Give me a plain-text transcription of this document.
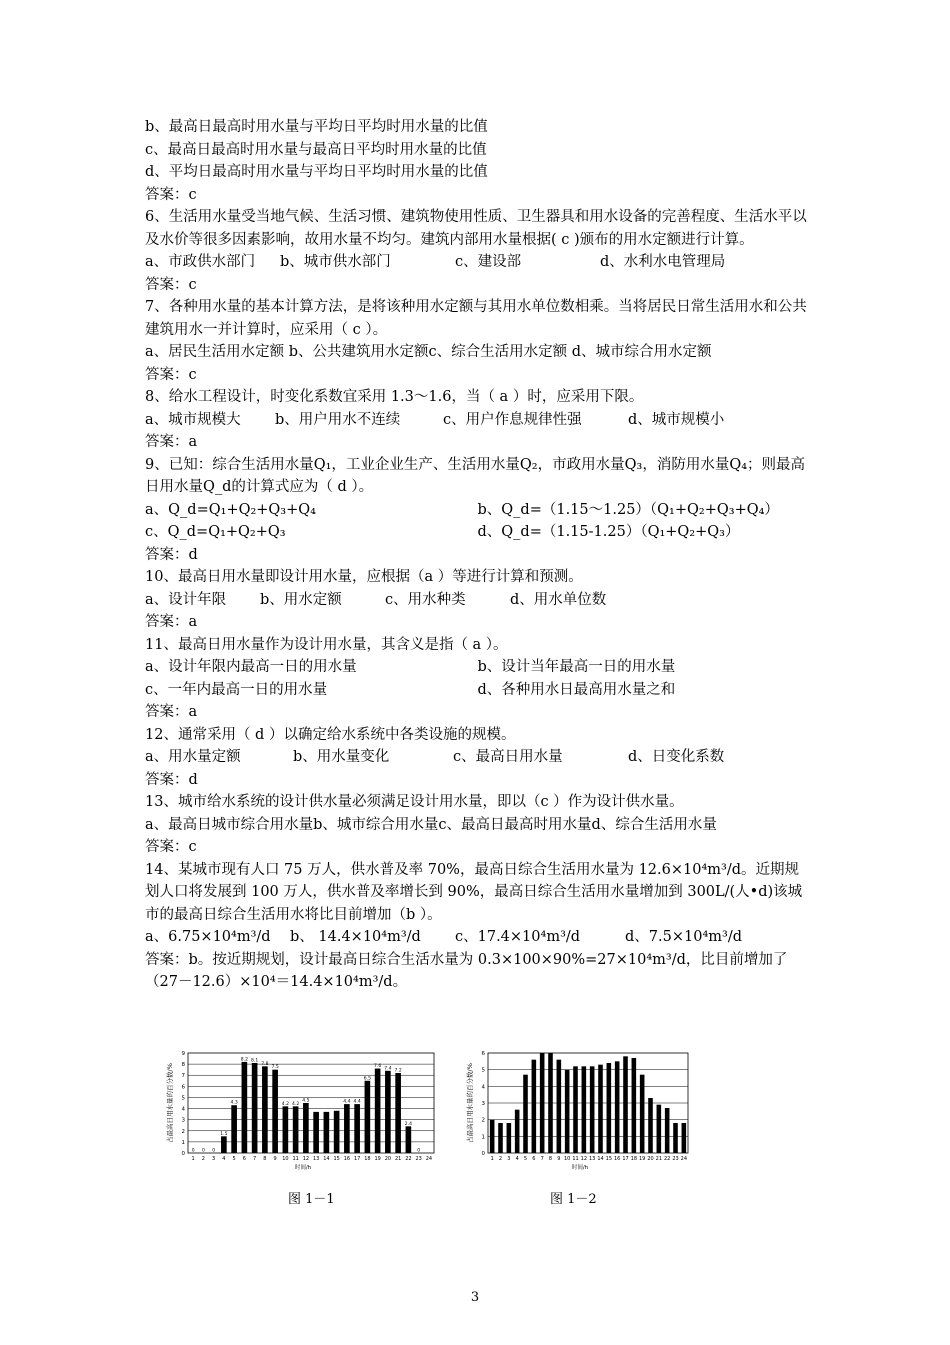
b、最高日最高时用水量与平均日平均时用水量的比值
c、最高日最高时用水量与最高日平均时用水量的比值
d、平均日最高时用水量与平均日平均时用水量的比值
答案：c
6、生活用水量受当地气候、生活习惯、建筑物使用性质、卫生器具和用水设备的完善程度、生活水平以及水价等很多因素影响，故用水量不均匀。建筑内部用水量根据( c )颁布的用水定额进行计算。
a、市政供水部门 b、城市供水部门	c、建设部	d、水利水电管理局
答案：c
7、各种用水量的基本计算方法，是将该种用水定额与其用水单位数相乘。当将居民日常生活用水和公共建筑用水一并计算时，应采用（ c ）。
a、居民生活用水定额 b、公共建筑用水定额c、综合生活用水定额 d、城市综合用水定额
答案：c
8、给水工程设计，时变化系数宜采用 1.3～1.6，当（ a ）时，应采用下限。
a、城市规模大 b、用户用水不连续	c、用户作息规律性强	d、城市规模小
答案：a
9、已知：综合生活用水量Q₁，工业企业生产、生活用水量Q₂，市政用水量Q₃，消防用水量Q₄；则最高日用水量Q_d的计算式应为（ d ）。
a、Q_d=Q₁+Q₂+Q₃+Q₄	b、Q_d=（1.15～1.25）（Q₁+Q₂+Q₃+Q₄）
c、Q_d=Q₁+Q₂+Q₃	d、Q_d=（1.15-1.25）（Q₁+Q₂+Q₃）
答案：d
10、最高日用水量即设计用水量，应根据（a ）等进行计算和预测。
a、设计年限 b、用水定额	c、用水种类	d、用水单位数
答案：a
11、最高日用水量作为设计用水量，其含义是指（ a ）。
a、设计年限内最高一日的用水量	b、设计当年最高一日的用水量
c、一年内最高一日的用水量	d、各种用水日最高用水量之和
答案：a
12、通常采用（ d ）以确定给水系统中各类设施的规模。
a、用水量定额	b、用水量变化	c、最高日用水量	d、日变化系数
答案：d
13、城市给水系统的设计供水量必须满足设计用水量，即以（c ）作为设计供水量。
a、最高日城市综合用水量b、城市综合用水量c、最高日最高时用水量d、综合生活用水量
答案：c
14、某城市现有人口 75 万人，供水普及率 70%，最高日综合生活用水量为 12.6×10⁴m³/d。近期规划人口将发展到 100 万人，供水普及率增长到 90%，最高日综合生活用水量增加到 300L/(人•d)该城市的最高日综合生活用水将比目前增加（b ）。
a、6.75×10⁴m³/d b、 14.4×10⁴m³/d c、17.4×10⁴m³/d	d、7.5×10⁴m³/d
答案：b。按近期规划，设计最高日综合生活水量为 0.3×100×90%=27×10⁴m³/d，比目前增加了（27－12.6）×10⁴＝14.4×10⁴m³/d。
0
1
2
3
4
5
6
7
8
9
1
0
2
0
3
0
4
1.5
5
4.3
6
8.2
7
8.1
8
7.8
9
7.5
10
4.2
11
4.2
12
4.5
13 14 15 16
4.4
17
4.4
18
6.5
19
7.6
20
7.4
21
7.2
22
2.4
23
0
24
时间/h
占最高日用水量的百分数/%
0
1
2
3
4
5
6
1 2 3 4 5 6 7 8 9 10 11 12 13 14 15 16 17 18 19 20 21 22 23 24
时间/h
占最高日用水量的百分数/%
图 1－1	图 1－2
3
